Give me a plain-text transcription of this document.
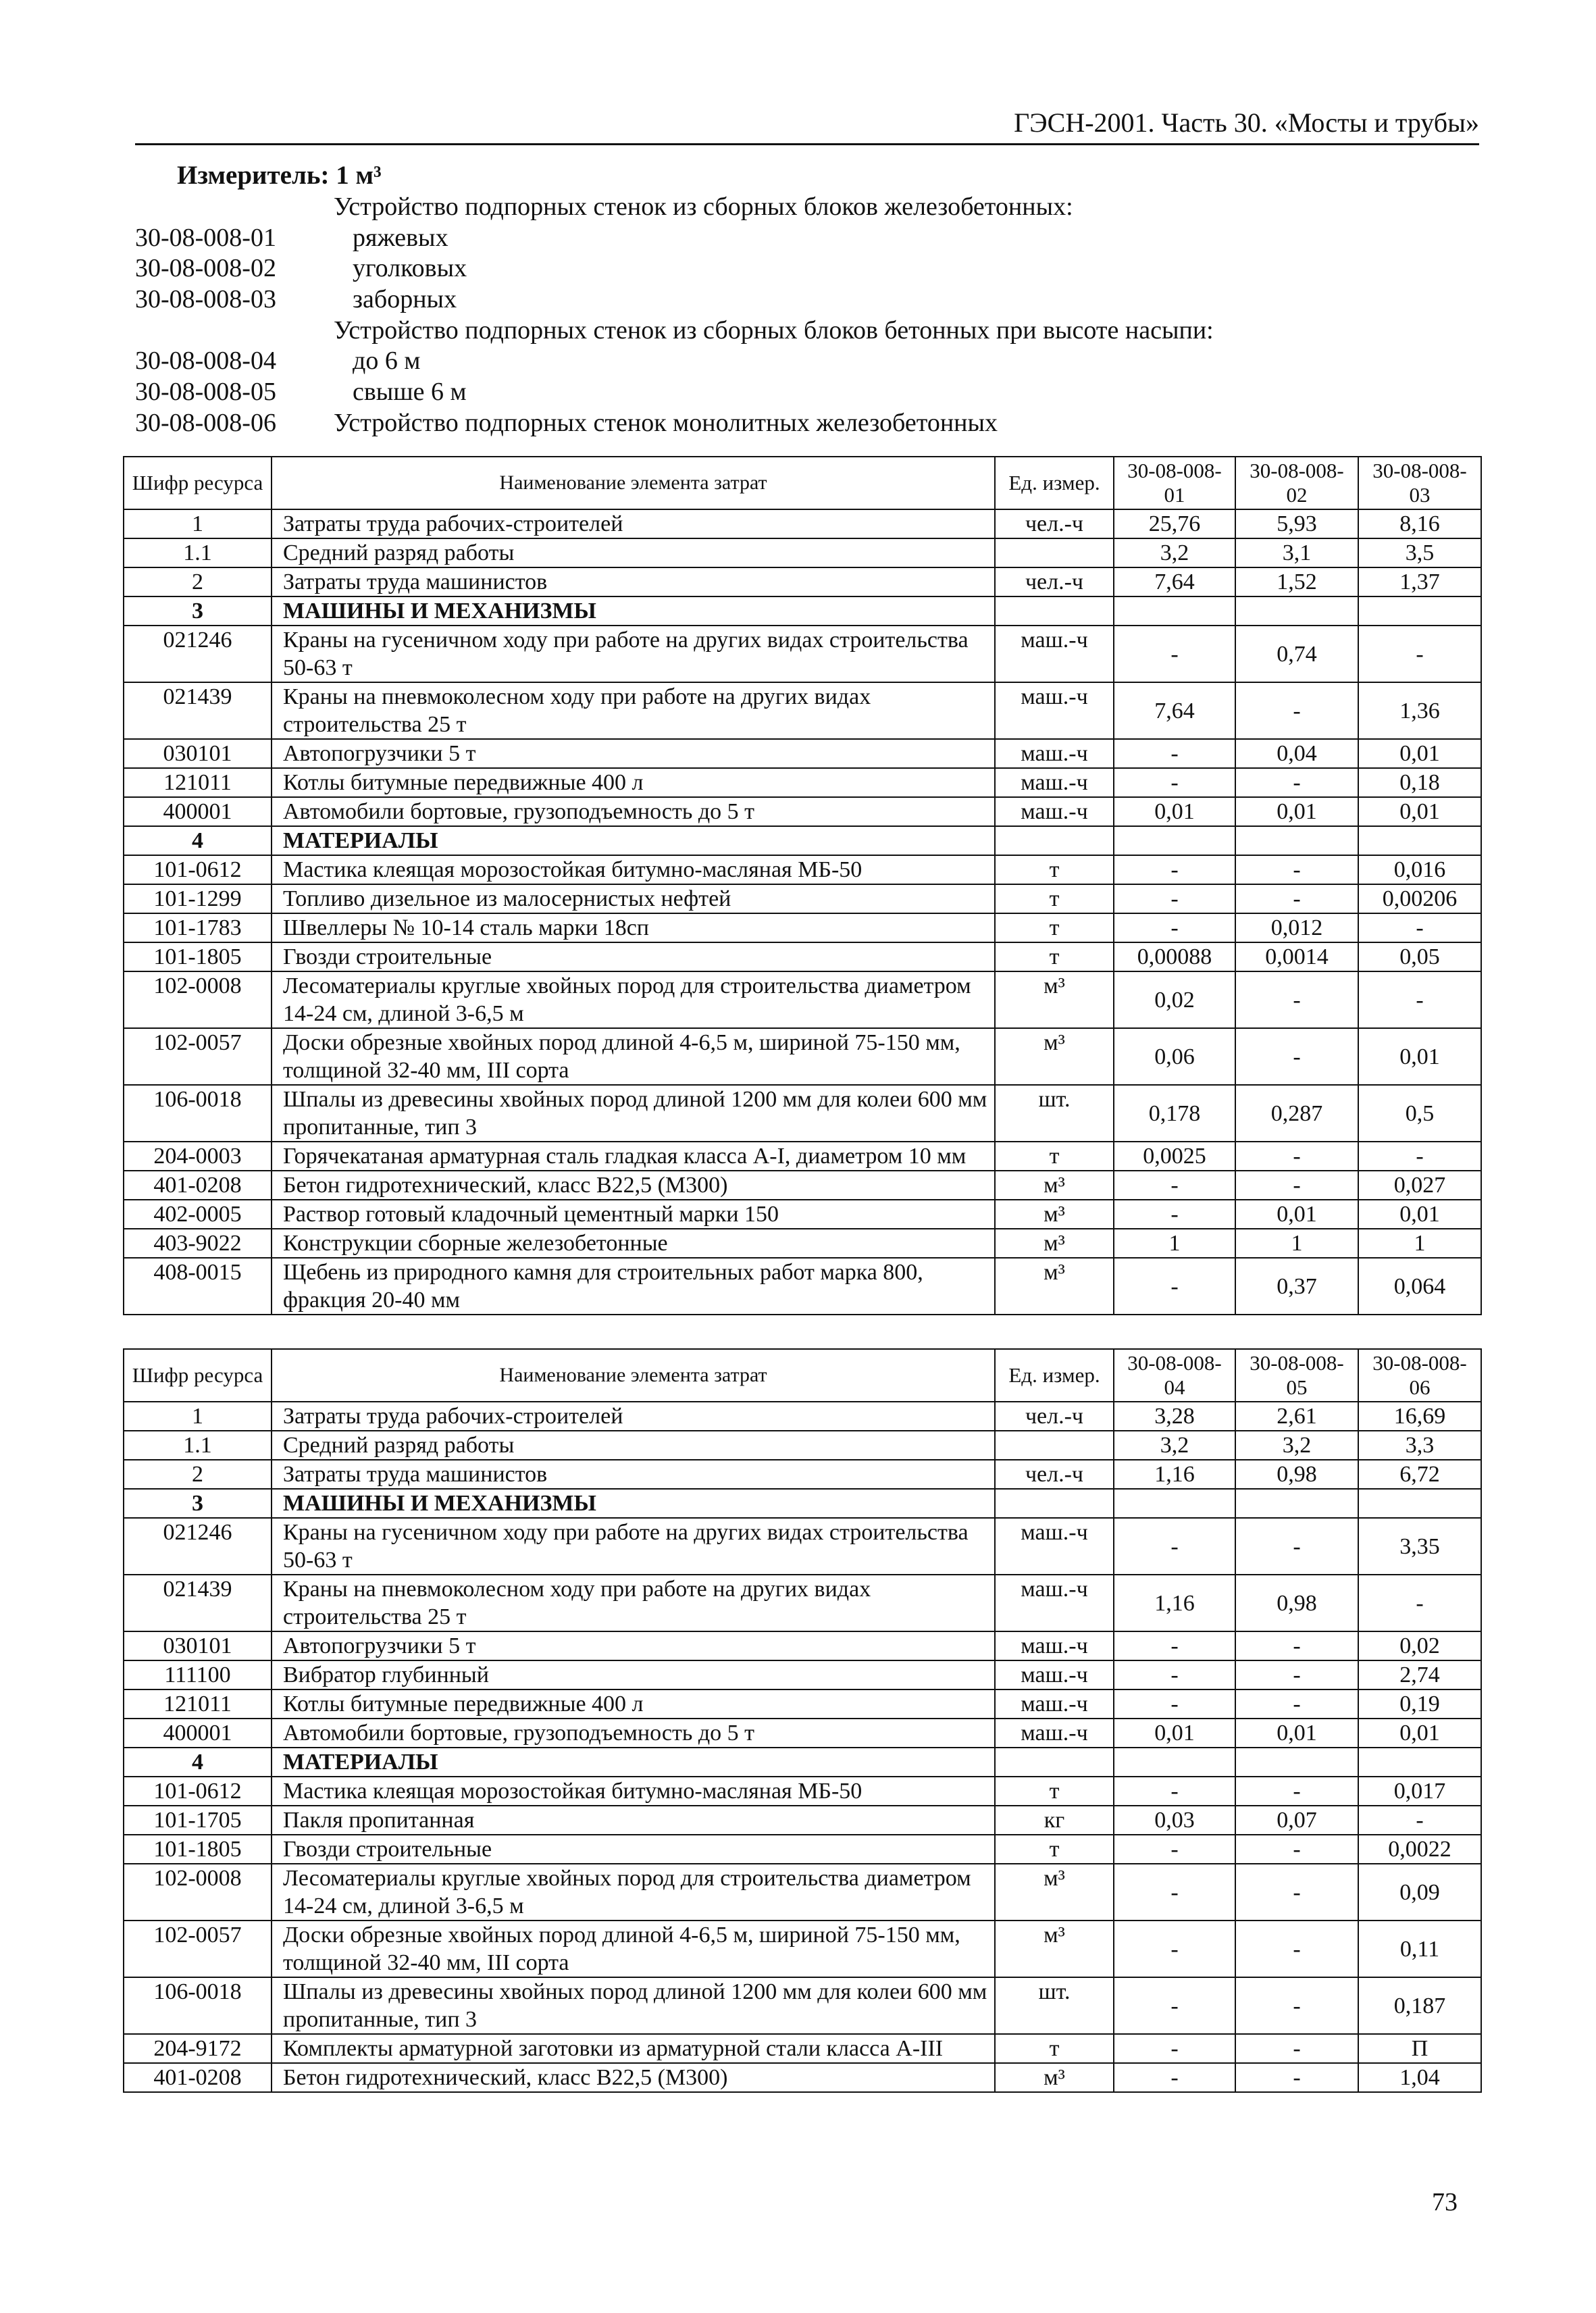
ГЭСН-2001. Часть 30. «Мосты и трубы»
Измеритель: 1 м³
Устройство подпорных стенок из сборных блоков железобетонных:
30-08-008-01	ряжевых
30-08-008-02	уголковых
30-08-008-03	заборных
Устройство подпорных стенок из сборных блоков бетонных при высоте насыпи:
30-08-008-04	до 6 м
30-08-008-05	свыше 6 м
30-08-008-06	Устройство подпорных стенок монолитных железобетонных
Шифр ресурса	Наименование элемента затрат	Ед. измер.	30-08-008-01	30-08-008-02	30-08-008-03
1	Затраты труда рабочих-строителей	чел.-ч	25,76	5,93	8,16
1.1	Средний разряд работы		3,2	3,1	3,5
2	Затраты труда машинистов	чел.-ч	7,64	1,52	1,37
3	МАШИНЫ И МЕХАНИЗМЫ				
021246	Краны на гусеничном ходу при работе на других видах строительства 50-63 т	маш.-ч	-	0,74	-
021439	Краны на пневмоколесном ходу при работе на других видах строительства 25 т	маш.-ч	7,64	-	1,36
030101	Автопогрузчики 5 т	маш.-ч	-	0,04	0,01
121011	Котлы битумные передвижные 400 л	маш.-ч	-	-	0,18
400001	Автомобили бортовые, грузоподъемность до 5 т	маш.-ч	0,01	0,01	0,01
4	МАТЕРИАЛЫ				
101-0612	Мастика клеящая морозостойкая битумно-масляная МБ-50	т	-	-	0,016
101-1299	Топливо дизельное из малосернистых нефтей	т	-	-	0,00206
101-1783	Швеллеры № 10-14 сталь марки 18сп	т	-	0,012	-
101-1805	Гвозди строительные	т	0,00088	0,0014	0,05
102-0008	Лесоматериалы круглые хвойных пород для строительства диаметром 14-24 см, длиной 3-6,5 м	м³	0,02	-	-
102-0057	Доски обрезные хвойных пород длиной 4-6,5 м, шириной 75-150 мм, толщиной 32-40 мм, III сорта	м³	0,06	-	0,01
106-0018	Шпалы из древесины хвойных пород длиной 1200 мм для колеи 600 мм пропитанные, тип 3	шт.	0,178	0,287	0,5
204-0003	Горячекатаная арматурная сталь гладкая класса А-I, диаметром 10 мм	т	0,0025	-	-
401-0208	Бетон гидротехнический, класс В22,5 (М300)	м³	-	-	0,027
402-0005	Раствор готовый кладочный цементный марки 150	м³	-	0,01	0,01
403-9022	Конструкции сборные железобетонные	м³	1	1	1
408-0015	Щебень из природного камня для строительных работ марка 800, фракция 20-40 мм	м³	-	0,37	0,064
Шифр ресурса	Наименование элемента затрат	Ед. измер.	30-08-008-04	30-08-008-05	30-08-008-06
1	Затраты труда рабочих-строителей	чел.-ч	3,28	2,61	16,69
1.1	Средний разряд работы		3,2	3,2	3,3
2	Затраты труда машинистов	чел.-ч	1,16	0,98	6,72
3	МАШИНЫ И МЕХАНИЗМЫ				
021246	Краны на гусеничном ходу при работе на других видах строительства 50-63 т	маш.-ч	-	-	3,35
021439	Краны на пневмоколесном ходу при работе на других видах строительства 25 т	маш.-ч	1,16	0,98	-
030101	Автопогрузчики 5 т	маш.-ч	-	-	0,02
111100	Вибратор глубинный	маш.-ч	-	-	2,74
121011	Котлы битумные передвижные 400 л	маш.-ч	-	-	0,19
400001	Автомобили бортовые, грузоподъемность до 5 т	маш.-ч	0,01	0,01	0,01
4	МАТЕРИАЛЫ				
101-0612	Мастика клеящая морозостойкая битумно-масляная МБ-50	т	-	-	0,017
101-1705	Пакля пропитанная	кг	0,03	0,07	-
101-1805	Гвозди строительные	т	-	-	0,0022
102-0008	Лесоматериалы круглые хвойных пород для строительства диаметром 14-24 см, длиной 3-6,5 м	м³	-	-	0,09
102-0057	Доски обрезные хвойных пород длиной 4-6,5 м, шириной 75-150 мм, толщиной 32-40 мм, III сорта	м³	-	-	0,11
106-0018	Шпалы из древесины хвойных пород длиной 1200 мм для колеи 600 мм пропитанные, тип 3	шт.	-	-	0,187
204-9172	Комплекты арматурной заготовки из арматурной стали класса А-III	т	-	-	П
401-0208	Бетон гидротехнический, класс В22,5 (М300)	м³	-	-	1,04
73
